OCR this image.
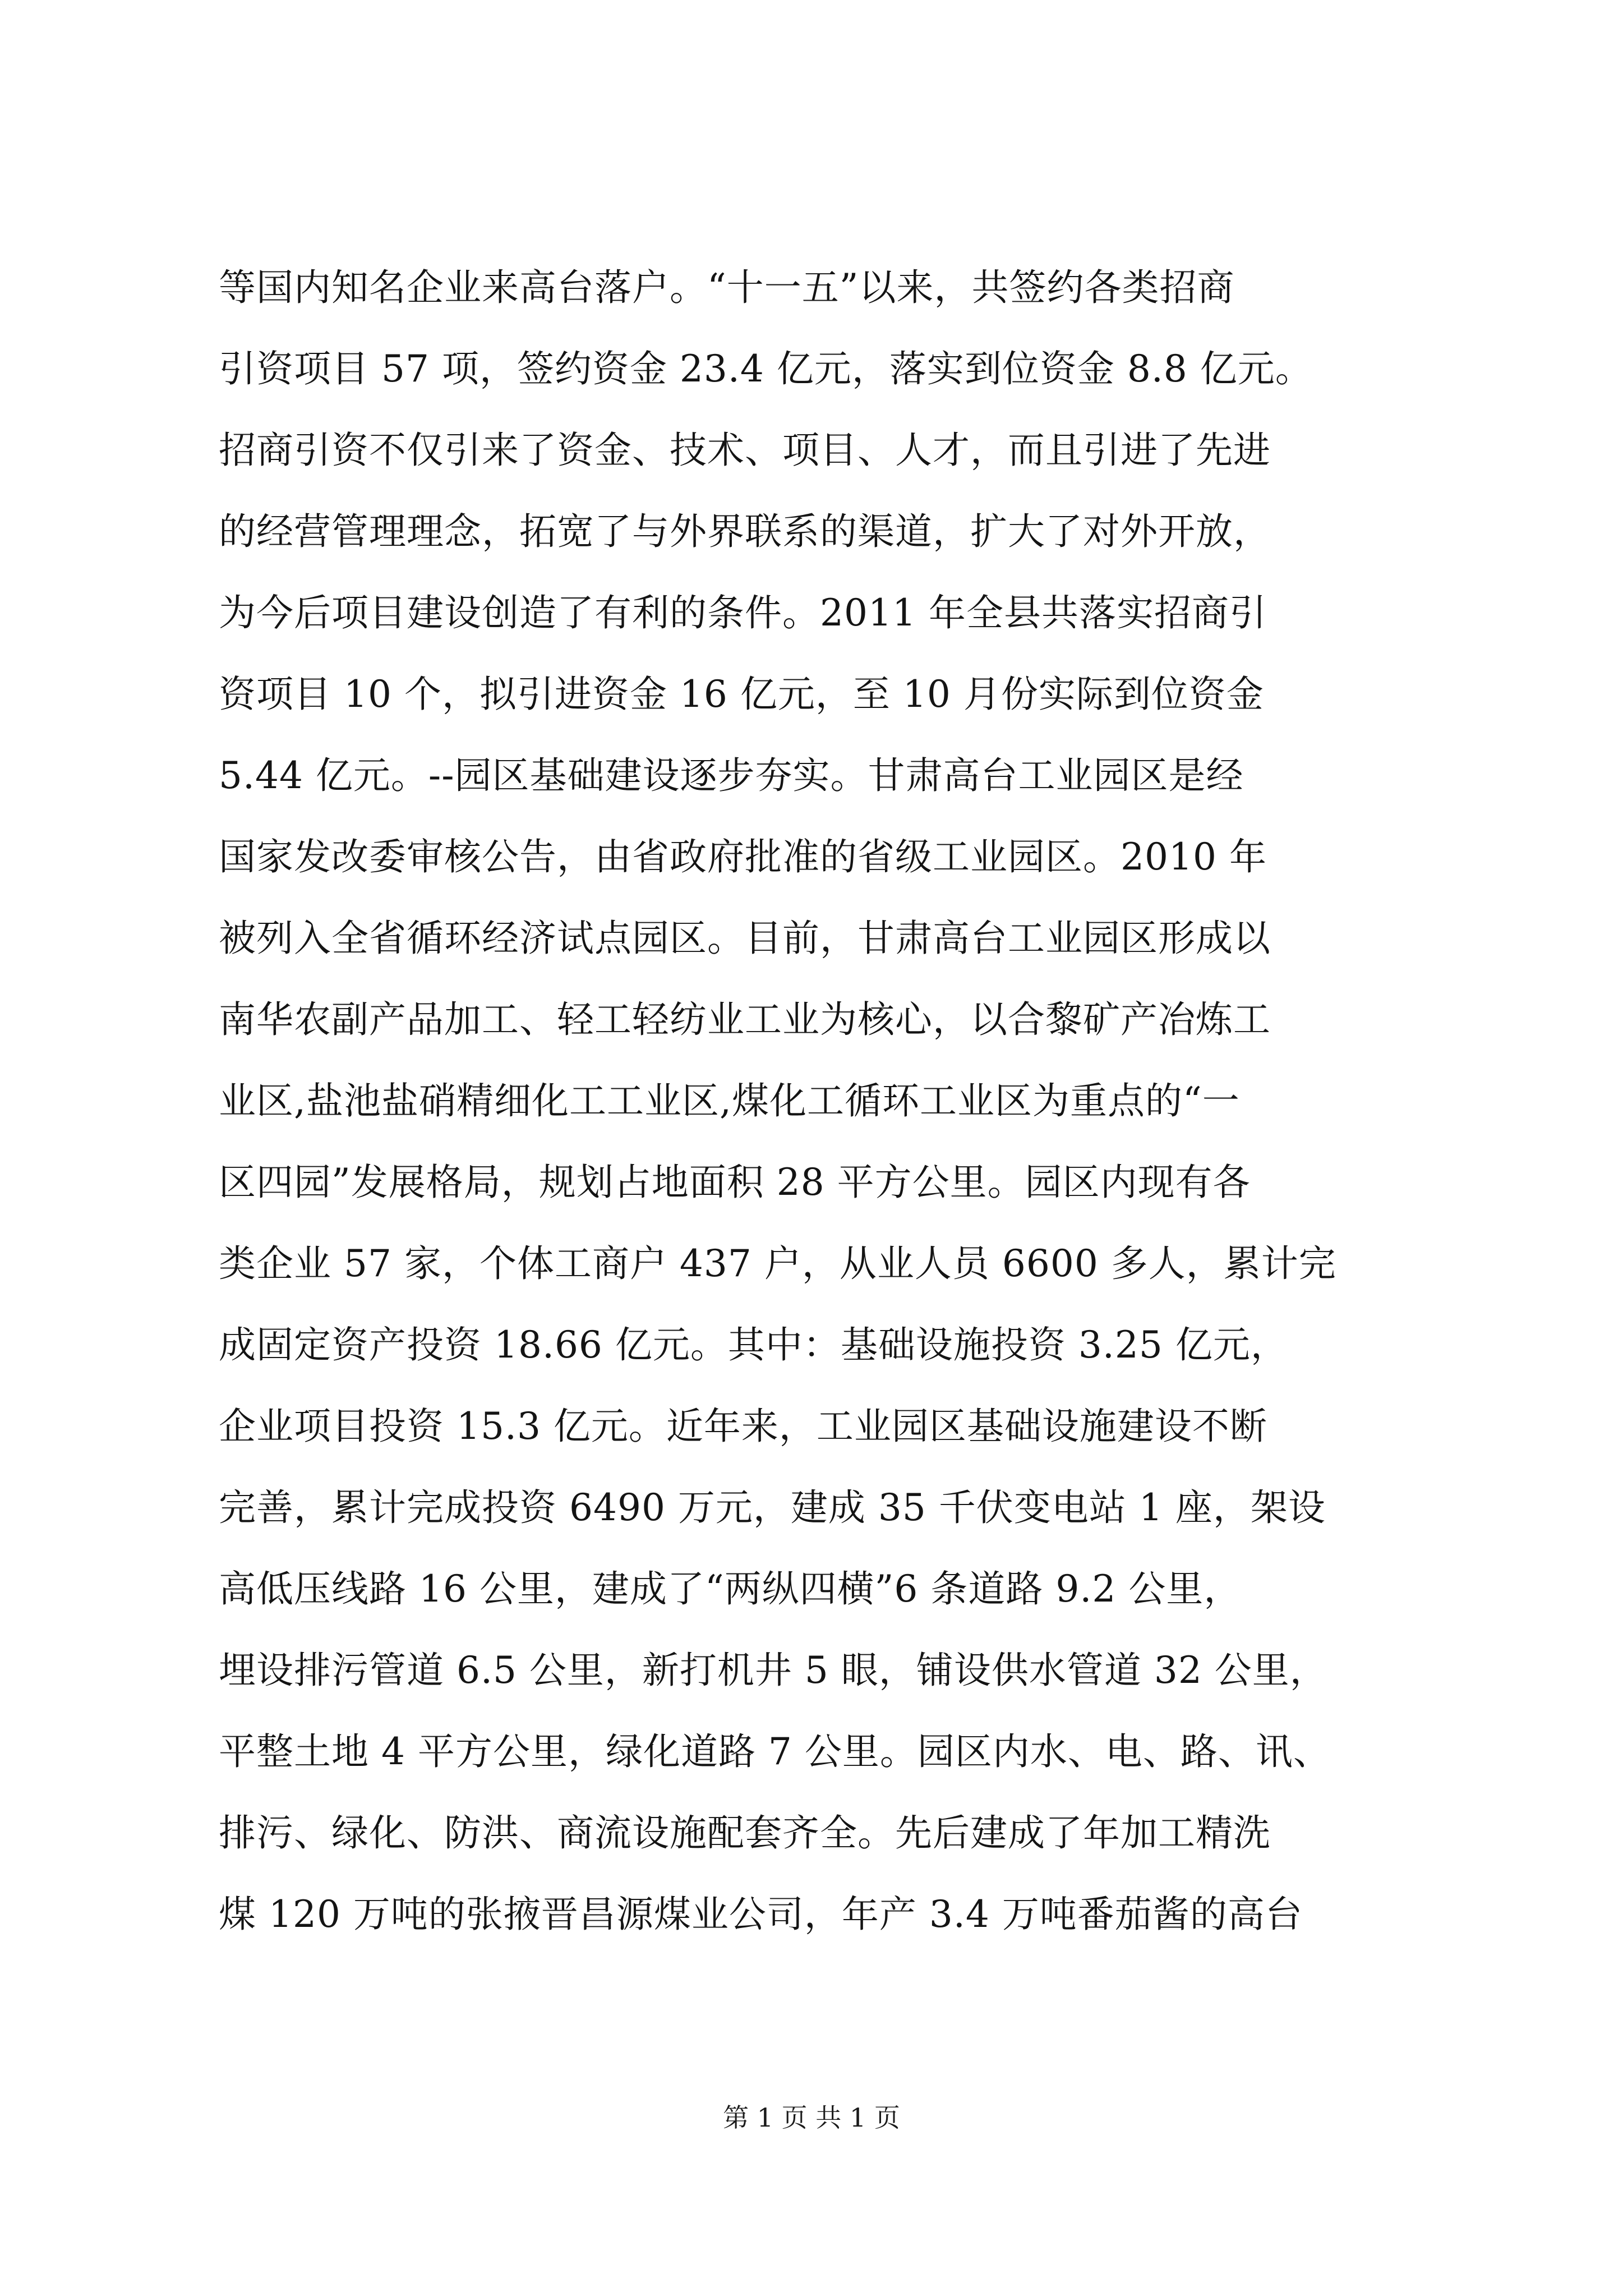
等国内知名企业来高台落户。“十一五”以来，共签约各类招商
引资项目 57 项，签约资金 23.4 亿元，落实到位资金 8.8 亿元。
招商引资不仅引来了资金、技术、项目、人才，而且引进了先进
的经营管理理念，拓宽了与外界联系的渠道，扩大了对外开放，
为今后项目建设创造了有利的条件。2011 年全县共落实招商引
资项目 10 个，拟引进资金 16 亿元，至 10 月份实际到位资金
5.44 亿元。--园区基础建设逐步夯实。甘肃高台工业园区是经
国家发改委审核公告，由省政府批准的省级工业园区。2010 年
被列入全省循环经济试点园区。目前，甘肃高台工业园区形成以
南华农副产品加工、轻工轻纺业工业为核心，以合黎矿产冶炼工
业区,盐池盐硝精细化工工业区,煤化工循环工业区为重点的“一
区四园”发展格局，规划占地面积 28 平方公里。园区内现有各
类企业 57 家，个体工商户 437 户，从业人员 6600 多人，累计完
成固定资产投资 18.66 亿元。其中：基础设施投资 3.25 亿元，
企业项目投资 15.3 亿元。近年来，工业园区基础设施建设不断
完善，累计完成投资 6490 万元，建成 35 千伏变电站 1 座，架设
高低压线路 16 公里，建成了“两纵四横”6 条道路 9.2 公里，
埋设排污管道 6.5 公里，新打机井 5 眼，铺设供水管道 32 公里，
平整土地 4 平方公里，绿化道路 7 公里。园区内水、电、路、讯、
排污、绿化、防洪、商流设施配套齐全。先后建成了年加工精洗
煤 120 万吨的张掖晋昌源煤业公司，年产 3.4 万吨番茄酱的高台
第 1 页 共 1 页
